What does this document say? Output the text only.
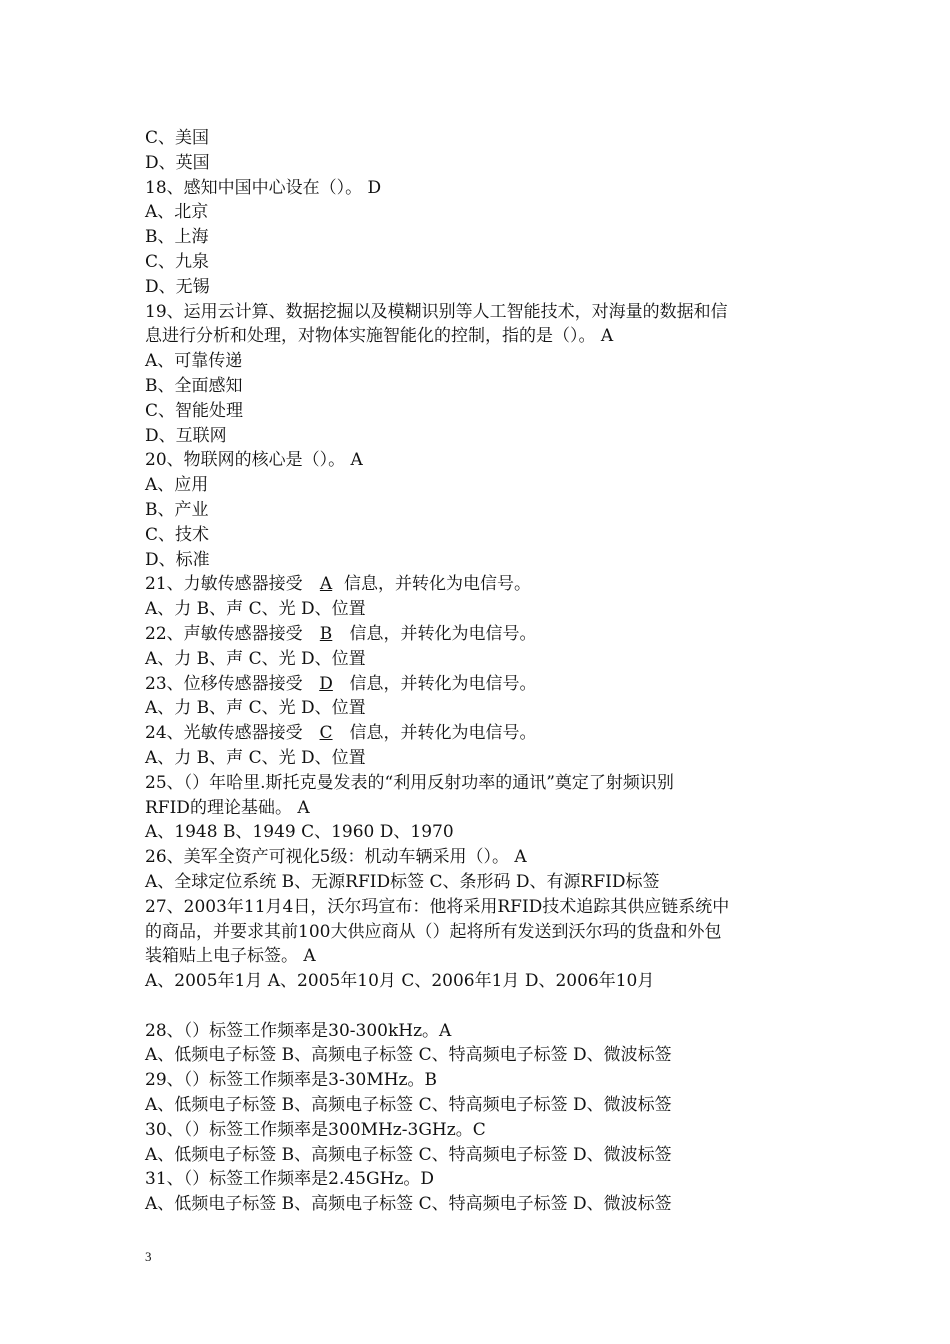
C、美国
D、英国
18、感知中国中心设在（）。 D
A、北京
B、上海
C、九泉
D、无锡
19、运用云计算、数据挖掘以及模糊识别等人工智能技术，对海量的数据和信
息进行分析和处理，对物体实施智能化的控制，指的是（）。 A
A、可靠传递
B、全面感知
C、智能处理
D、互联网
20、物联网的核心是（）。 A
A、应用
B、产业
C、技术
D、标准
21、力敏传感器接受 A 信息，并转化为电信号。
A、力 B、声 C、光 D、位置
22、声敏传感器接受 B 信息，并转化为电信号。
A、力 B、声 C、光 D、位置
23、位移传感器接受 D 信息，并转化为电信号。
A、力 B、声 C、光 D、位置
24、光敏传感器接受 C 信息，并转化为电信号。
A、力 B、声 C、光 D、位置
25、（）年哈里.斯托克曼发表的“利用反射功率的通讯”奠定了射频识别
RFID的理论基础。 A
A、1948 B、1949 C、1960 D、1970
26、美军全资产可视化5级：机动车辆采用（）。 A
A、全球定位系统 B、无源RFID标签 C、条形码 D、有源RFID标签
27、2003年11月4日，沃尔玛宣布：他将采用RFID技术追踪其供应链系统中
的商品，并要求其前100大供应商从（）起将所有发送到沃尔玛的货盘和外包
装箱贴上电子标签。 A
A、2005年1月 A、2005年10月 C、2006年1月 D、2006年10月
28、（）标签工作频率是30-300kHz。A
A、低频电子标签 B、高频电子标签 C、特高频电子标签 D、微波标签
29、（）标签工作频率是3-30MHz。B
A、低频电子标签 B、高频电子标签 C、特高频电子标签 D、微波标签
30、（）标签工作频率是300MHz-3GHz。C
A、低频电子标签 B、高频电子标签 C、特高频电子标签 D、微波标签
31、（）标签工作频率是2.45GHz。D
A、低频电子标签 B、高频电子标签 C、特高频电子标签 D、微波标签
3
